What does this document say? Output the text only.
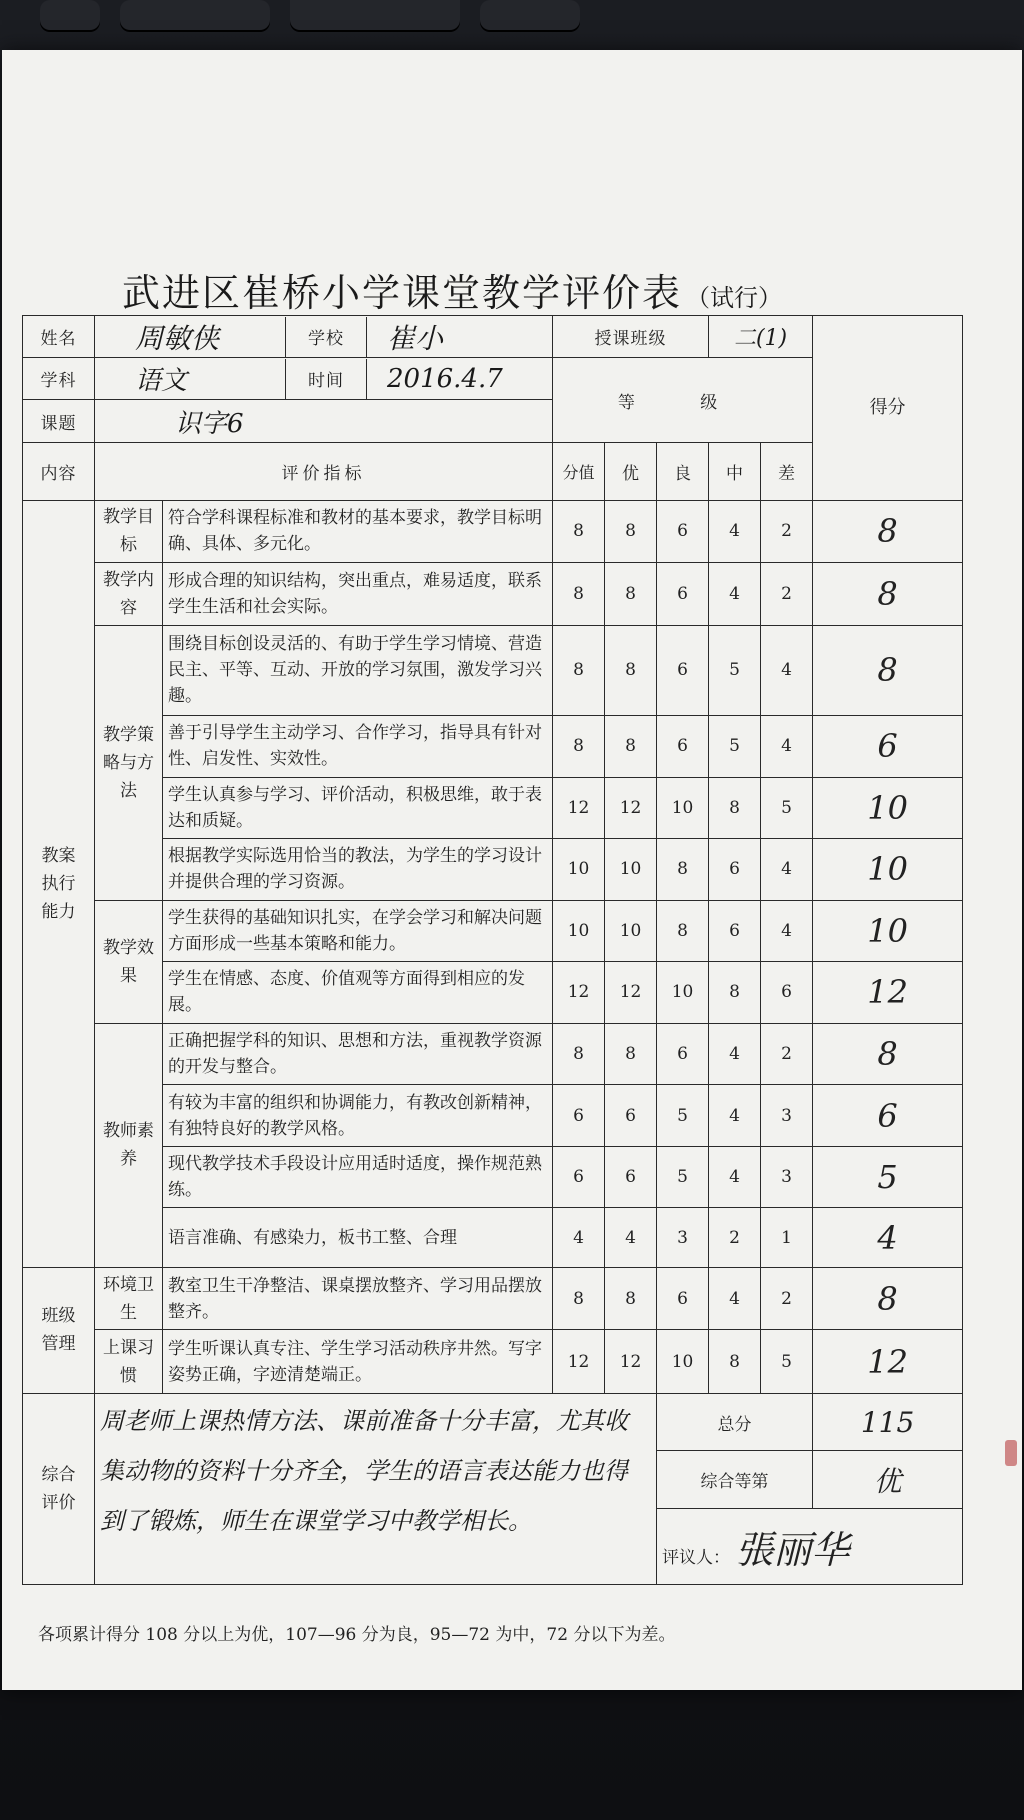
武进区崔桥小学课堂教学评价表 （试行）
姓名	周敏侠 学校 崔小		授课班级			二(1)		得分
学科	语文 时间 2016.4.7		等 级					
课题	识字6							
内容	评价指标		分值	优	良	中	差	
教案执行能力	教学目标	符合学科课程标准和教材的基本要求，教学目标明确、具体、多元化。	8	8	6	4	2	8
	教学内容	形成合理的知识结构，突出重点，难易适度，联系学生生活和社会实际。	8	8	6	4	2	8
	教学策略与方法	围绕目标创设灵活的、有助于学生学习情境、营造民主、平等、互动、开放的学习氛围，激发学习兴趣。	8	8	6	5	4	8
		善于引导学生主动学习、合作学习，指导具有针对性、启发性、实效性。	8	8	6	5	4	6
		学生认真参与学习、评价活动，积极思维，敢于表达和质疑。	12	12	10	8	5	10
		根据教学实际选用恰当的教法，为学生的学习设计并提供合理的学习资源。	10	10	8	6	4	10
	教学效果	学生获得的基础知识扎实，在学会学习和解决问题方面形成一些基本策略和能力。	10	10	8	6	4	10
		学生在情感、态度、价值观等方面得到相应的发展。	12	12	10	8	6	12
	教师素养	正确把握学科的知识、思想和方法，重视教学资源的开发与整合。	8	8	6	4	2	8
		有较为丰富的组织和协调能力，有教改创新精神，有独特良好的教学风格。	6	6	5	4	3	6
		现代教学技术手段设计应用适时适度，操作规范熟练。	6	6	5	4	3	5
		语言准确、有感染力，板书工整、合理	4	4	3	2	1	4
班级管理	环境卫生	教室卫生干净整洁、课桌摆放整齐、学习用品摆放整齐。	8	8	6	4	2	8
	上课习惯	学生听课认真专注、学生学习活动秩序井然。写字姿势正确，字迹清楚端正。	12	12	10	8	5	12
综合评价	周老师上课热情方法、课前准备十分丰富，尤其收集动物的资料十分齐全，学生的语言表达能力也得到了锻炼，师生在课堂学习中教学相长。				总分			115
					综合等第			优
					评议人： 張丽华			
各项累计得分 108 分以上为优，107—96 分为良，95—72 为中，72 分以下为差。
